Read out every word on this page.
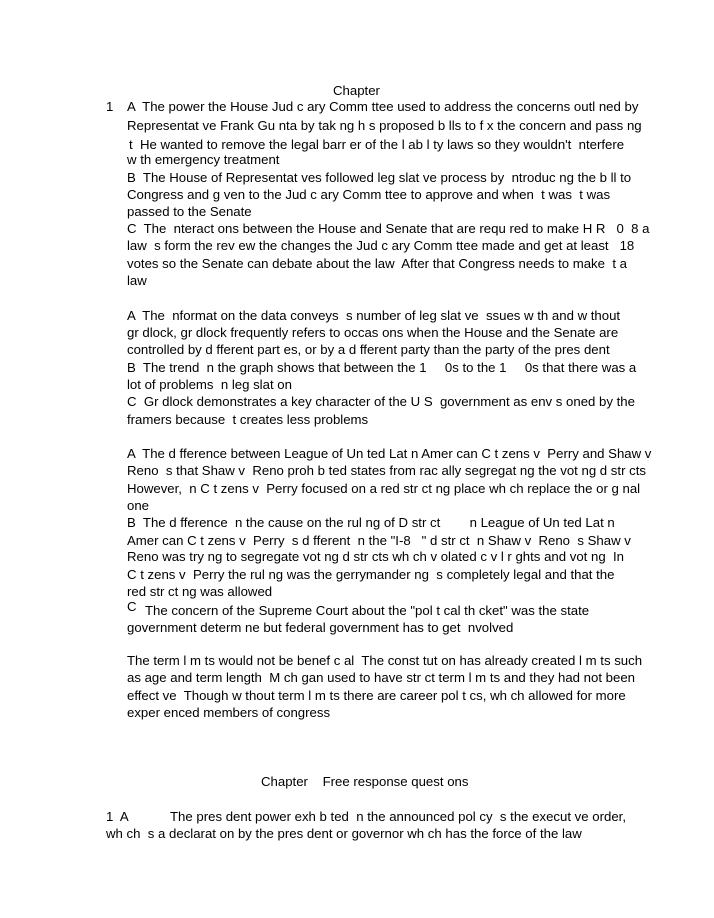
Chapter
1 A  The power the House Jud c ary Comm ttee used to address the concerns outl ned by
Representat ve Frank Gu nta by tak ng h s proposed b lls to f x the concern and pass ng
t  He wanted to remove the legal barr er of the l ab l ty laws so they wouldn't  nterfere
w th emergency treatment
B  The House of Representat ves followed leg slat ve process by  ntroduc ng the b ll to
Congress and g ven to the Jud c ary Comm ttee to approve and when  t was  t was
passed to the Senate
C  The  nteract ons between the House and Senate that are requ red to make H R   0  8 a
law  s form the rev ew the changes the Jud c ary Comm ttee made and get at least   18
votes so the Senate can debate about the law  After that Congress needs to make  t a
law
A  The  nformat on the data conveys  s number of leg slat ve  ssues w th and w thout
gr dlock, gr dlock frequently refers to occas ons when the House and the Senate are
controlled by d fferent part es, or by a d fferent party than the party of the pres dent
B  The trend  n the graph shows that between the 1     0s to the 1     0s that there was a
lot of problems  n leg slat on
C  Gr dlock demonstrates a key character of the U S  government as env s oned by the
framers because  t creates less problems
A  The d fference between League of Un ted Lat n Amer can C t zens v  Perry and Shaw v
Reno  s that Shaw v  Reno proh b ted states from rac ally segregat ng the vot ng d str cts
However,  n C t zens v  Perry focused on a red str ct ng place wh ch replace the or g nal
one
B  The d fference  n the cause on the rul ng of D str ct        n League of Un ted Lat n
Amer can C t zens v  Perry  s d fferent  n the "I-8   " d str ct  n Shaw v  Reno  s Shaw v
Reno was try ng to segregate vot ng d str cts wh ch v olated c v l r ghts and vot ng  In
C t zens v  Perry the rul ng was the gerrymander ng  s completely legal and that the
red str ct ng was allowed
C The concern of the Supreme Court about the "pol t cal th cket" was the state
government determ ne but federal government has to get  nvolved
The term l m ts would not be benef c al  The const tut on has already created l m ts such
as age and term length  M ch gan used to have str ct term l m ts and they had not been
effect ve  Though w thout term l m ts there are career pol t cs, wh ch allowed for more
exper enced members of congress
Chapter    Free response quest ons
1  A	The pres dent power exh b ted  n the announced pol cy  s the execut ve order,
wh ch  s a declarat on by the pres dent or governor wh ch has the force of the law
